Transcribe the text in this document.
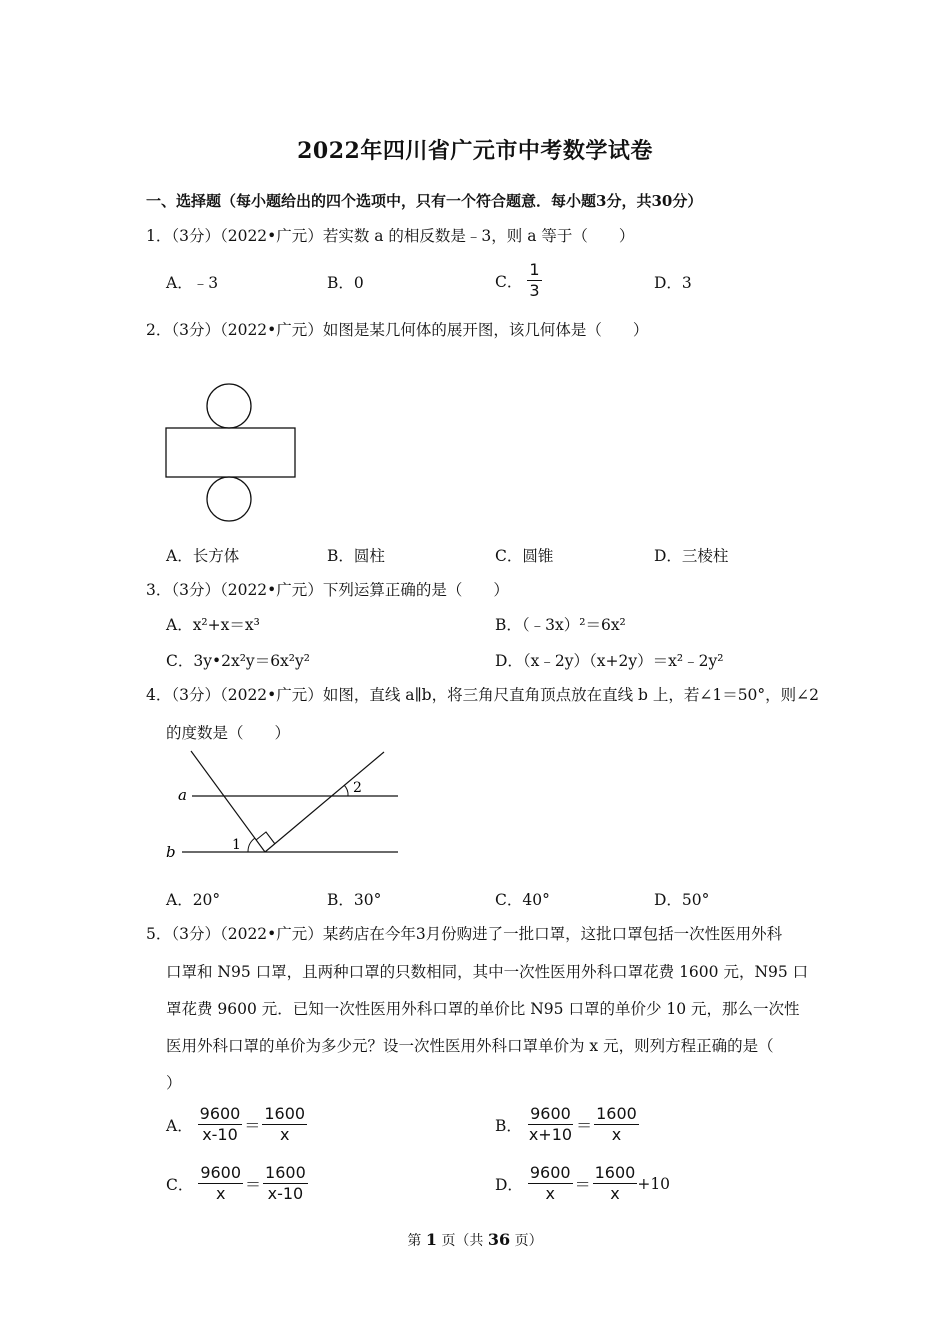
2022年四川省广元市中考数学试卷
一、选择题（每小题给出的四个选项中，只有一个符合题意．每小题3分，共30分）
1．（3分）（2022•广元）若实数 a 的相反数是﹣3，则 a 等于（　　）
A．﹣3	B．0	C． $\frac{1}{3}$	D．3
2．（3分）（2022•广元）如图是某几何体的展开图，该几何体是（　　）
A．长方体	B．圆柱	C．圆锥	D．三棱柱
3．（3分）（2022•广元）下列运算正确的是（　　）
A．x²+x＝x³	B．（﹣3x）²＝6x²
C．3y•2x²y＝6x²y²	D．（x﹣2y）（x+2y）＝x²﹣2y²
4．（3分）（2022•广元）如图，直线 a∥b，将三角尺直角顶点放在直线 b 上，若∠1＝50°，则∠2
的度数是（　　）
a
b	1
2
A．20°	B．30°	C．40°	D．50°
5．（3分）（2022•广元）某药店在今年3月份购进了一批口罩，这批口罩包括一次性医用外科
口罩和 N95 口罩，且两种口罩的只数相同，其中一次性医用外科口罩花费 1600 元，N95 口
罩花费 9600 元．已知一次性医用外科口罩的单价比 N95 口罩的单价少 10 元，那么一次性
医用外科口罩的单价为多少元？设一次性医用外科口罩单价为 x 元，则列方程正确的是（
）
A． $\frac{9600}{x-10} = \frac{1600}{x}$	B． $\frac{9600}{x+10} = \frac{1600}{x}$
C． $\frac{9600}{x} = \frac{1600}{x-10}$	D． $\frac{9600}{x} = \frac{1600}{x} +10$
第 1 页（共 36 页）
